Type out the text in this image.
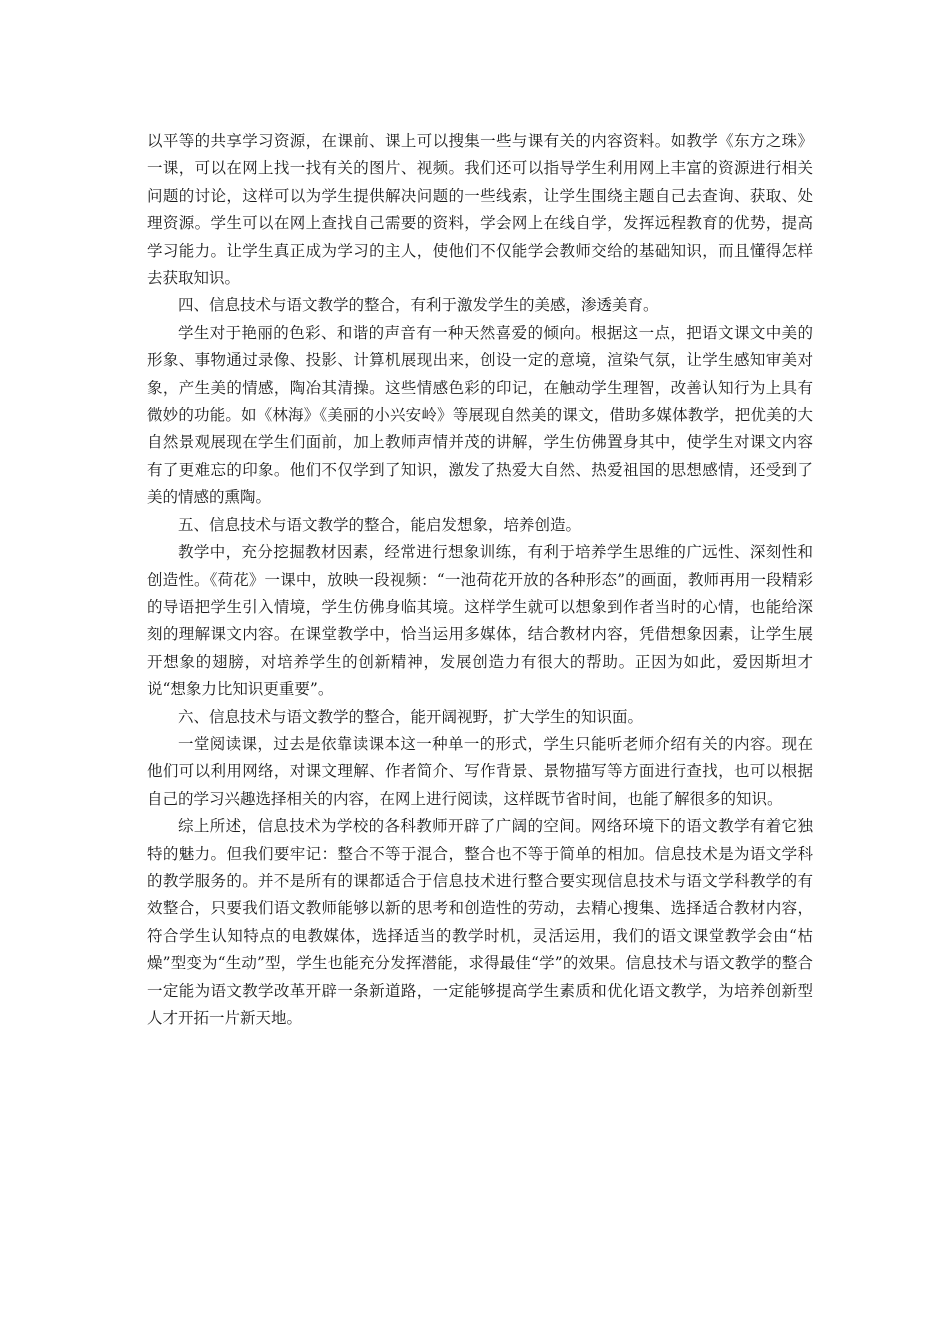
以平等的共享学习资源，在课前、课上可以搜集一些与课有关的内容资料。如教学《东方之珠》一课，可以在网上找一找有关的图片、视频。我们还可以指导学生利用网上丰富的资源进行相关问题的讨论，这样可以为学生提供解决问题的一些线索，让学生围绕主题自己去查询、获取、处理资源。学生可以在网上查找自己需要的资料，学会网上在线自学，发挥远程教育的优势，提高学习能力。让学生真正成为学习的主人，使他们不仅能学会教师交给的基础知识，而且懂得怎样去获取知识。

四、信息技术与语文教学的整合，有利于激发学生的美感，渗透美育。

学生对于艳丽的色彩、和谐的声音有一种天然喜爱的倾向。根据这一点，把语文课文中美的形象、事物通过录像、投影、计算机展现出来，创设一定的意境，渲染气氛，让学生感知审美对象，产生美的情感，陶冶其清操。这些情感色彩的印记，在触动学生理智，改善认知行为上具有微妙的功能。如《林海》《美丽的小兴安岭》等展现自然美的课文，借助多媒体教学，把优美的大自然景观展现在学生们面前，加上教师声情并茂的讲解，学生仿佛置身其中，使学生对课文内容有了更难忘的印象。他们不仅学到了知识，激发了热爱大自然、热爱祖国的思想感情，还受到了美的情感的熏陶。

五、信息技术与语文教学的整合，能启发想象，培养创造。

教学中，充分挖掘教材因素，经常进行想象训练，有利于培养学生思维的广远性、深刻性和创造性。《荷花》一课中，放映一段视频：“一池荷花开放的各种形态”的画面，教师再用一段精彩的导语把学生引入情境，学生仿佛身临其境。这样学生就可以想象到作者当时的心情，也能给深刻的理解课文内容。在课堂教学中，恰当运用多媒体，结合教材内容，凭借想象因素，让学生展开想象的翅膀，对培养学生的创新精神，发展创造力有很大的帮助。正因为如此，爱因斯坦才说“想象力比知识更重要”。

六、信息技术与语文教学的整合，能开阔视野，扩大学生的知识面。

一堂阅读课，过去是依靠读课本这一种单一的形式，学生只能听老师介绍有关的内容。现在他们可以利用网络，对课文理解、作者简介、写作背景、景物描写等方面进行查找，也可以根据自己的学习兴趣选择相关的内容，在网上进行阅读，这样既节省时间，也能了解很多的知识。

综上所述，信息技术为学校的各科教师开辟了广阔的空间。网络环境下的语文教学有着它独特的魅力。但我们要牢记：整合不等于混合，整合也不等于简单的相加。信息技术是为语文学科的教学服务的。并不是所有的课都适合于信息技术进行整合要实现信息技术与语文学科教学的有效整合，只要我们语文教师能够以新的思考和创造性的劳动，去精心搜集、选择适合教材内容，符合学生认知特点的电教媒体，选择适当的教学时机，灵活运用，我们的语文课堂教学会由“枯燥”型变为“生动”型，学生也能充分发挥潜能，求得最佳“学”的效果。信息技术与语文教学的整合一定能为语文教学改革开辟一条新道路，一定能够提高学生素质和优化语文教学，为培养创新型人才开拓一片新天地。
